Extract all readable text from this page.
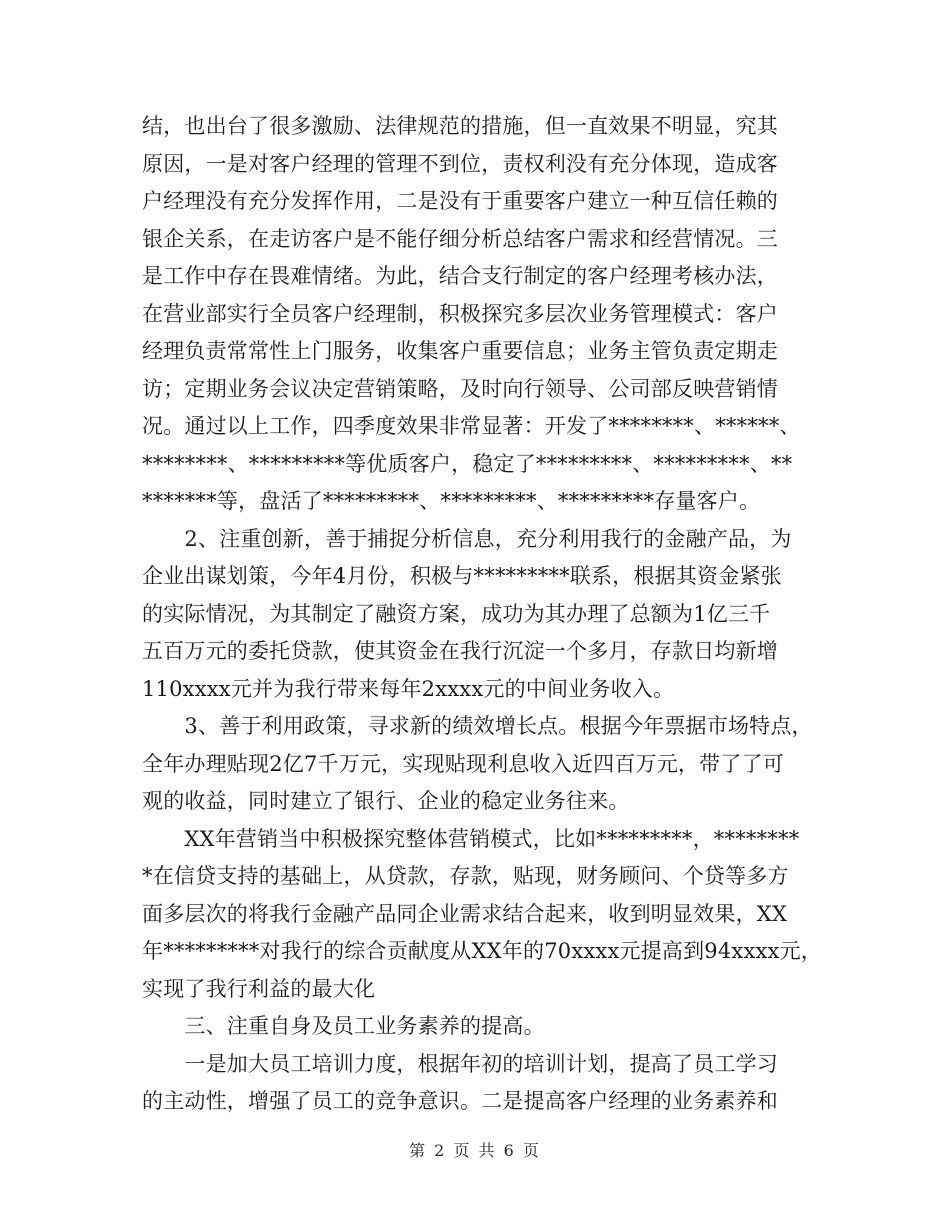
结，也出台了很多激励、法律规范的措施，但一直效果不明显，究其
原因，一是对客户经理的管理不到位，责权利没有充分体现，造成客
户经理没有充分发挥作用，二是没有于重要客户建立一种互信任赖的
银企关系，在走访客户是不能仔细分析总结客户需求和经营情况。三
是工作中存在畏难情绪。为此，结合支行制定的客户经理考核办法，
在营业部实行全员客户经理制，积极探究多层次业务管理模式：客户
经理负责常常性上门服务，收集客户重要信息；业务主管负责定期走
访；定期业务会议决定营销策略，及时向行领导、公司部反映营销情
况。通过以上工作，四季度效果非常显著：开发了********、******、
********、*********等优质客户，稳定了*********、*********、**
*******等，盘活了*********、*********、*********存量客户。
　　2、注重创新，善于捕捉分析信息，充分利用我行的金融产品，为
企业出谋划策，今年4月份，积极与*********联系，根据其资金紧张
的实际情况，为其制定了融资方案，成功为其办理了总额为1亿三千
五百万元的委托贷款，使其资金在我行沉淀一个多月，存款日均新增
110xxxx元并为我行带来每年2xxxx元的中间业务收入。
　　3、善于利用政策，寻求新的绩效增长点。根据今年票据市场特点，
全年办理贴现2亿7千万元，实现贴现利息收入近四百万元，带了了可
观的收益，同时建立了银行、企业的稳定业务往来。
　　XX年营销当中积极探究整体营销模式，比如*********，********
*在信贷支持的基础上，从贷款，存款，贴现，财务顾问、个贷等多方
面多层次的将我行金融产品同企业需求结合起来，收到明显效果，XX
年*********对我行的综合贡献度从XX年的70xxxx元提高到94xxxx元，
实现了我行利益的最大化
　　三、注重自身及员工业务素养的提高。
　　一是加大员工培训力度，根据年初的培训计划，提高了员工学习
的主动性，增强了员工的竞争意识。二是提高客户经理的业务素养和
第 2 页 共 6 页
